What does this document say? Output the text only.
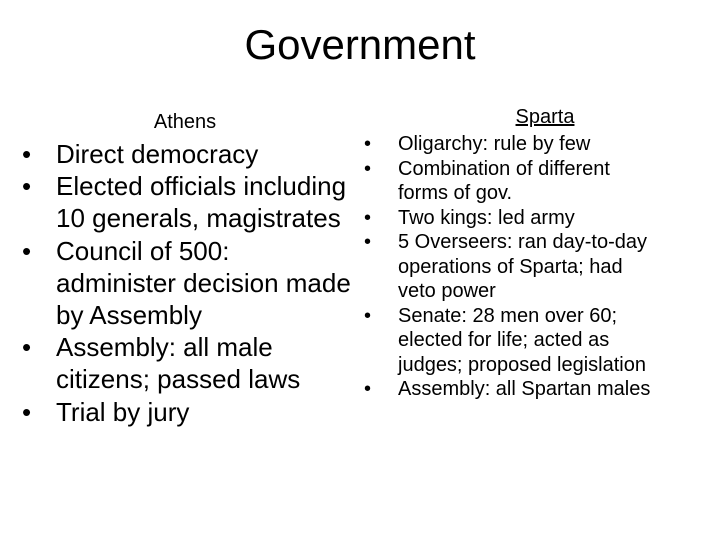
Government
Athens
• Direct democracy
• Elected officials including 10 generals, magistrates
• Council of 500: administer decision made by Assembly
• Assembly: all male citizens; passed laws
• Trial by jury
Sparta
• Oligarchy: rule by few
• Combination of different forms of gov.
• Two kings: led army
• 5 Overseers: ran day-to-day operations of Sparta; had veto power
• Senate: 28 men over 60; elected for life; acted as judges; proposed legislation
• Assembly: all Spartan males
